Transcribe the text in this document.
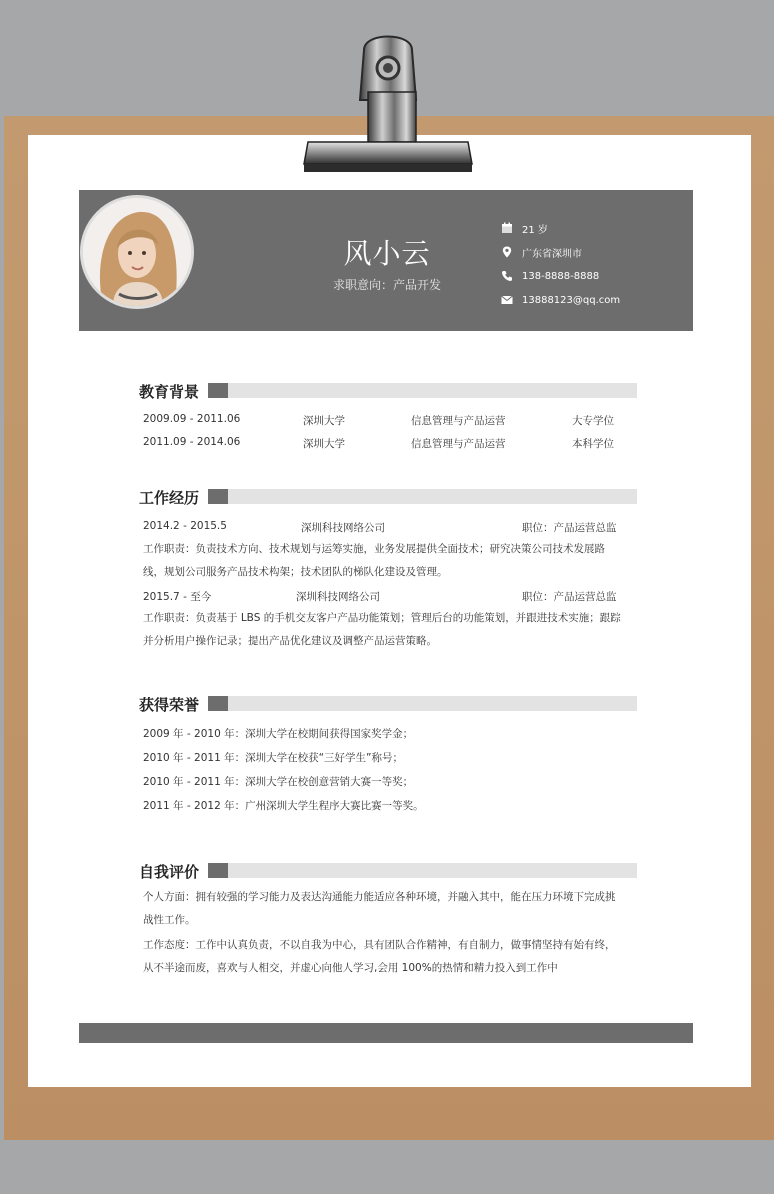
风小云
求职意向：产品开发
21 岁
广东省深圳市
138-8888-8888
13888123@qq.com
教育背景
2009.09 - 2011.06	深圳大学	信息管理与产品运营	大专学位
2011.09 - 2014.06	深圳大学	信息管理与产品运营	本科学位
工作经历
2014.2 - 2015.5	深圳科技网络公司	职位：产品运营总监
工作职责：负责技术方向、技术规划与运筹实施，业务发展提供全面技术；研究决策公司技术发展路线，规划公司服务产品技术构架；技术团队的梯队化建设及管理。
2015.7 - 至今	深圳科技网络公司	职位：产品运营总监
工作职责：负责基于 LBS 的手机交友客户产品功能策划；管理后台的功能策划，并跟进技术实施；跟踪并分析用户操作记录；提出产品优化建议及调整产品运营策略。
获得荣誉
2009 年 - 2010 年：深圳大学在校期间获得国家奖学金；
2010 年 - 2011 年：深圳大学在校获“三好学生”称号；
2010 年 - 2011 年：深圳大学在校创意营销大赛一等奖；
2011 年 - 2012 年：广州深圳大学生程序大赛比赛一等奖。
自我评价
个人方面：拥有较强的学习能力及表达沟通能力能适应各种环境，并融入其中，能在压力环境下完成挑战性工作。
工作态度：工作中认真负责，不以自我为中心，具有团队合作精神，有自制力，做事情坚持有始有终，从不半途而废，喜欢与人相交，并虚心向他人学习,会用 100%的热情和精力投入到工作中
